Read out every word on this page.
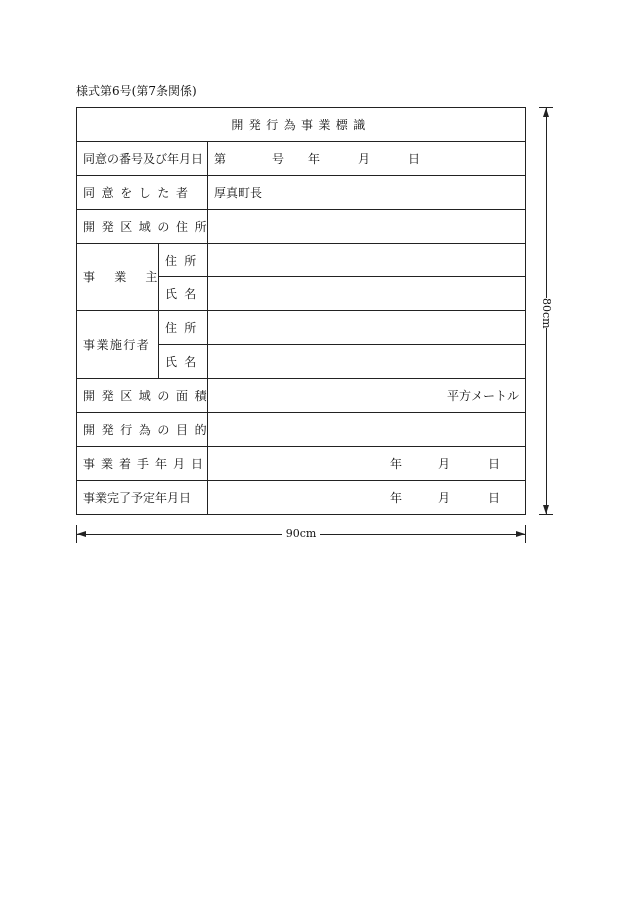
様式第6号(第7条関係)
開発行為事業標識		
同意の番号及び年月日		第 号 年 月 日
同意をした者		厚真町長
開発区域の住所		
事業主	住所	
	氏名	
事業施行者	住所	
	氏名	
開発区域の面積		平方メートル
開発行為の目的		
事業着手年月日		年 月 日
事業完了予定年月日		年 月 日
80cm
90cm
